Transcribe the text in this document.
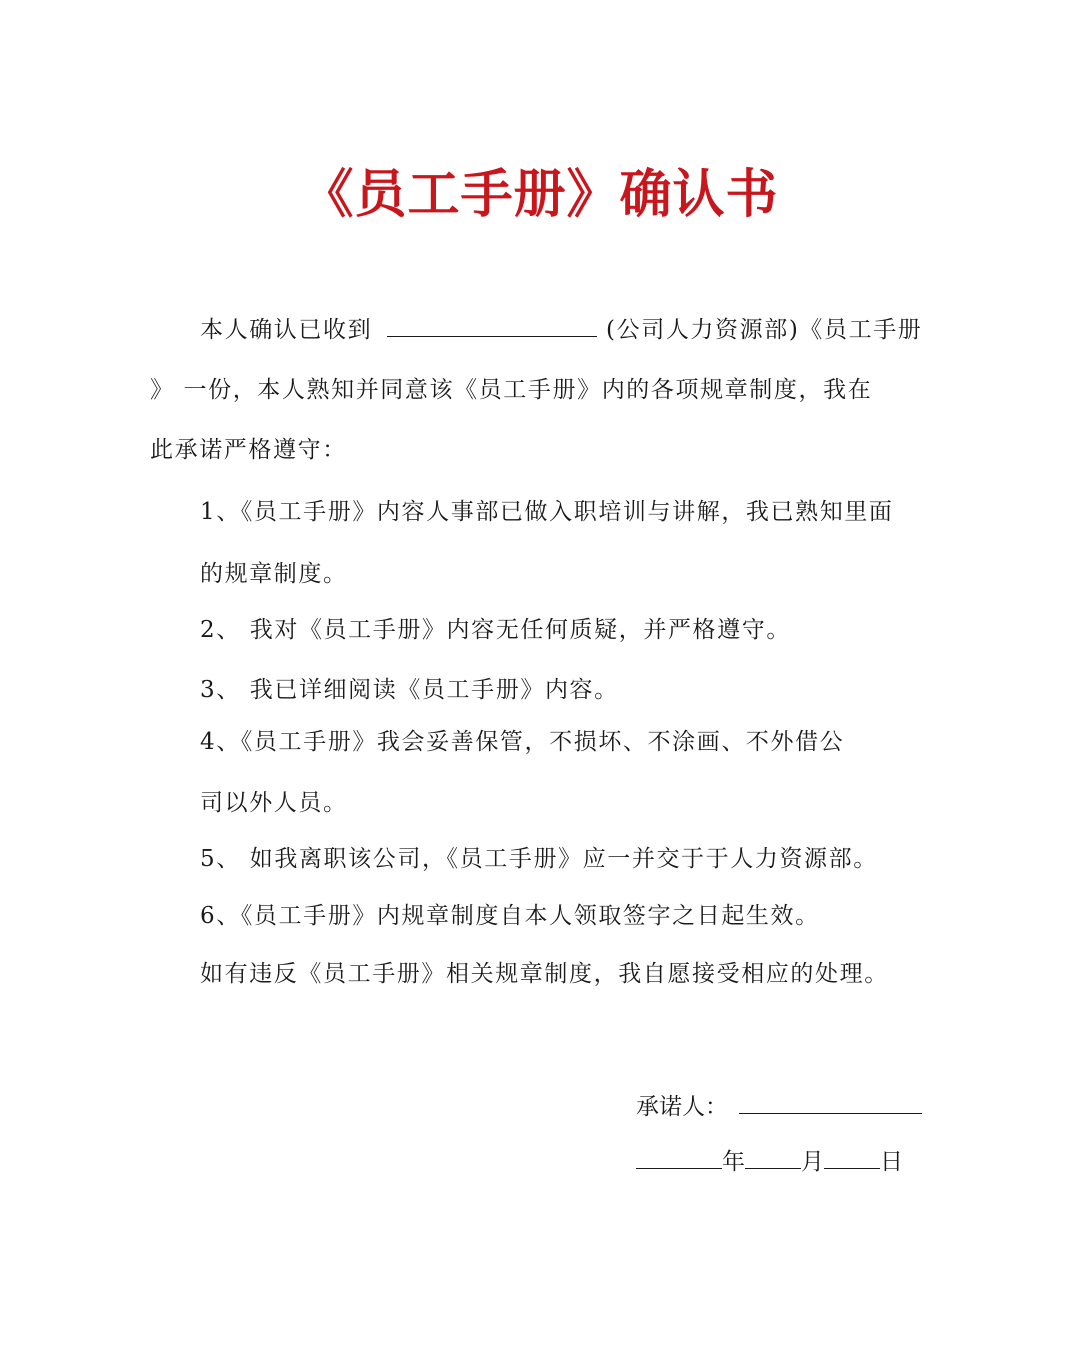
《员工手册》确认书
本人确认已收到	(公司人力资源部)《员工手册
》 一份，本人熟知并同意该《员工手册》内的各项规章制度，我在
此承诺严格遵守：
1、《员工手册》内容人事部已做入职培训与讲解，我已熟知里面
的规章制度。
2、 我对《员工手册》内容无任何质疑，并严格遵守。
3、 我已详细阅读《员工手册》内容。
4、《员工手册》我会妥善保管，不损坏、不涂画、不外借公
司以外人员。
5、 如我离职该公司，《员工手册》应一并交于于人力资源部。
6、《员工手册》内规章制度自本人领取签字之日起生效。
如有违反《员工手册》相关规章制度，我自愿接受相应的处理。
承诺人：
年 月 日
